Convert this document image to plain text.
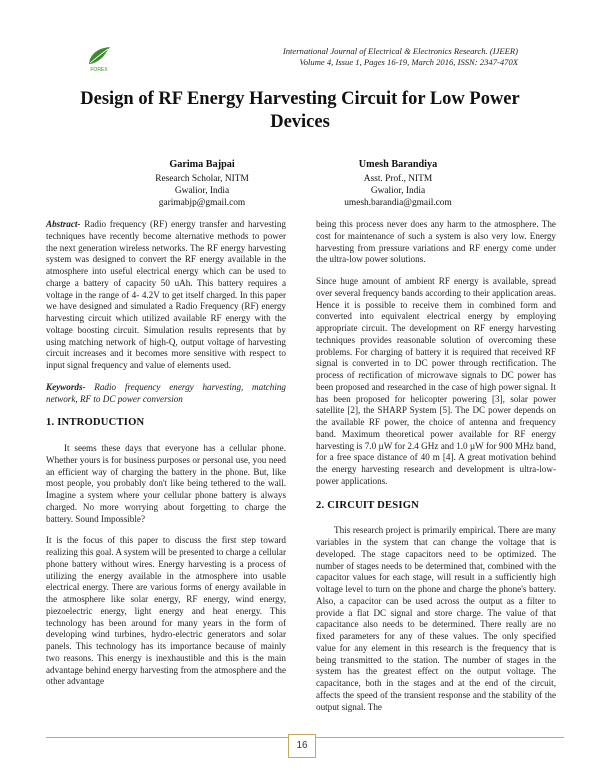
FOREX
International Journal of Electrical & Electronics Research. (IJEER)
Volume 4, Issue 1, Pages 16-19, March 2016, ISSN: 2347-470X
Design of RF Energy Harvesting Circuit for Low Power Devices
Garima Bajpai
Research Scholar, NITM
Gwalior, India
garimabjp@gmail.com
Umesh Barandiya
Asst. Prof., NITM
Gwalior, India
umesh.barandia@gmail.com

Abstract- Radio frequency (RF) energy transfer and harvesting techniques have recently become alternative methods to power the next generation wireless networks. The RF energy harvesting system was designed to convert the RF energy available in the atmosphere into useful electrical energy which can be used to charge a battery of capacity 50 uAh. This battery requires a voltage in the range of 4- 4.2V to get itself charged. In this paper we have designed and simulated a Radio Frequency (RF) energy harvesting circuit which utilized available RF energy with the voltage boosting circuit. Simulation results represents that by using matching network of high-Q, output voltage of harvesting circuit increases and it becomes more sensitive with respect to input signal frequency and value of elements used.

Keywords- Radio frequency energy harvesting, matching network, RF to DC power conversion

1. INTRODUCTION

It seems these days that everyone has a cellular phone. Whether yours is for business purposes or personal use, you need an efficient way of charging the battery in the phone. But, like most people, you probably don't like being tethered to the wall. Imagine a system where your cellular phone battery is always charged. No more worrying about forgetting to charge the battery. Sound Impossible?

It is the focus of this paper to discuss the first step toward realizing this goal. A system will be presented to charge a cellular phone battery without wires. Energy harvesting is a process of utilizing the energy available in the atmosphere into usable electrical energy. There are various forms of energy available in the atmosphere like solar energy, RF energy, wind energy, piezoelectric energy, light energy and heat energy. This technology has been around for many years in the form of developing wind turbines, hydro-electric generators and solar panels. This technology has its importance because of mainly two reasons. This energy is inexhaustible and this is the main advantage behind energy harvesting from the atmosphere and the other advantage

being this process never does any harm to the atmosphere. The cost for maintenance of such a system is also very low. Energy harvesting from pressure variations and RF energy come under the ultra-low power solutions.

Since huge amount of ambient RF energy is available, spread over several frequency bands according to their application areas. Hence it is possible to receive them in combined form and converted into equivalent electrical energy by employing appropriate circuit. The development on RF energy harvesting techniques provides reasonable solution of overcoming these problems. For charging of battery it is required that received RF signal is converted in to DC power through rectification. The process of rectification of microwave signals to DC power has been proposed and researched in the case of high power signal. It has been proposed for helicopter powering [3], solar power satellite [2], the SHARP System [5]. The DC power depends on the available RF power, the choice of antenna and frequency band. Maximum theoretical power available for RF energy harvesting is 7.0 µW for 2.4 GHz and 1.0 µW for 900 MHz band, for a free space distance of 40 m [4]. A great motivation behind the energy harvesting research and development is ultra-low-power applications.

2. CIRCUIT DESIGN

This research project is primarily empirical. There are many variables in the system that can change the voltage that is developed. The stage capacitors need to be optimized. The number of stages needs to be determined that, combined with the capacitor values for each stage, will result in a sufficiently high voltage level to turn on the phone and charge the phone's battery. Also, a capacitor can be used across the output as a filter to provide a flat DC signal and store charge. The value of that capacitance also needs to be determined. There really are no fixed parameters for any of these values. The only specified value for any element in this research is the frequency that is being transmitted to the station. The number of stages in the system has the greatest effect on the output voltage. The capacitance, both in the stages and at the end of the circuit, affects the speed of the transient response and the stability of the output signal. The

16
